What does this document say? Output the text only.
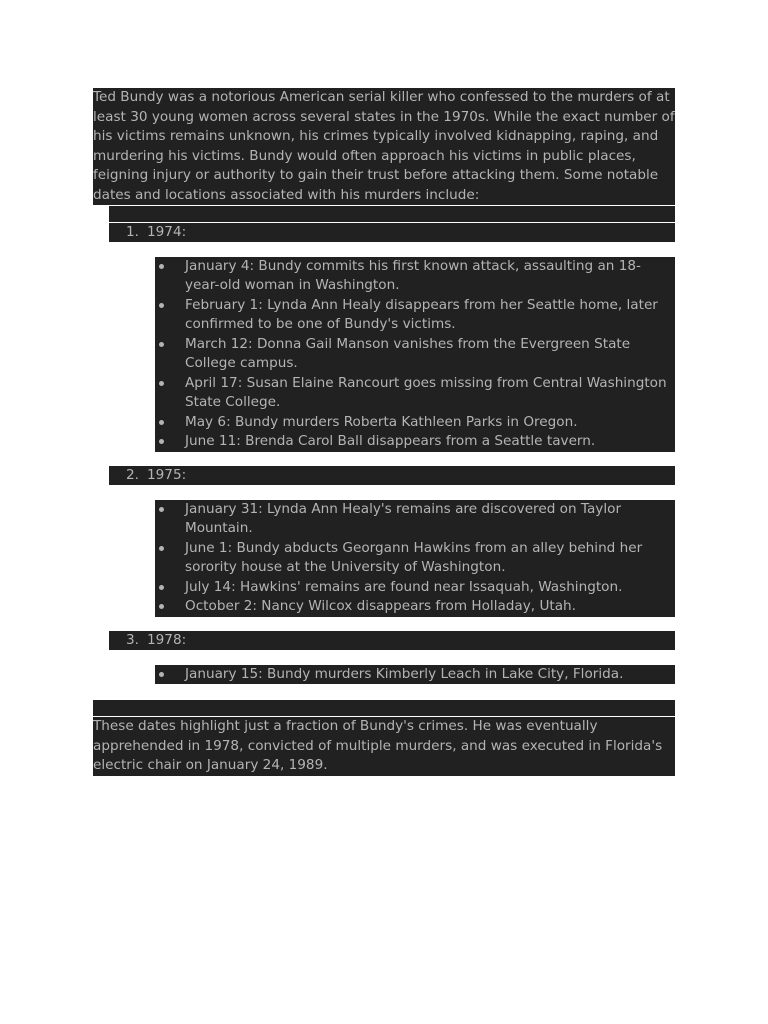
Ted Bundy was a notorious American serial killer who confessed to the murders of at least 30 young women across several states in the 1970s. While the exact number of his victims remains unknown, his crimes typically involved kidnapping, raping, and murdering his victims. Bundy would often approach his victims in public places, feigning injury or authority to gain their trust before attacking them. Some notable dates and locations associated with his murders include:

1. 1974:
January 4: Bundy commits his first known attack, assaulting an 18-year-old woman in Washington.
February 1: Lynda Ann Healy disappears from her Seattle home, later confirmed to be one of Bundy's victims.
March 12: Donna Gail Manson vanishes from the Evergreen State College campus.
April 17: Susan Elaine Rancourt goes missing from Central Washington State College.
May 6: Bundy murders Roberta Kathleen Parks in Oregon.
June 11: Brenda Carol Ball disappears from a Seattle tavern.
2. 1975:
January 31: Lynda Ann Healy's remains are discovered on Taylor Mountain.
June 1: Bundy abducts Georgann Hawkins from an alley behind her sorority house at the University of Washington.
July 14: Hawkins' remains are found near Issaquah, Washington.
October 2: Nancy Wilcox disappears from Holladay, Utah.
3. 1978:
January 15: Bundy murders Kimberly Leach in Lake City, Florida.

These dates highlight just a fraction of Bundy's crimes. He was eventually apprehended in 1978, convicted of multiple murders, and was executed in Florida's electric chair on January 24, 1989.
